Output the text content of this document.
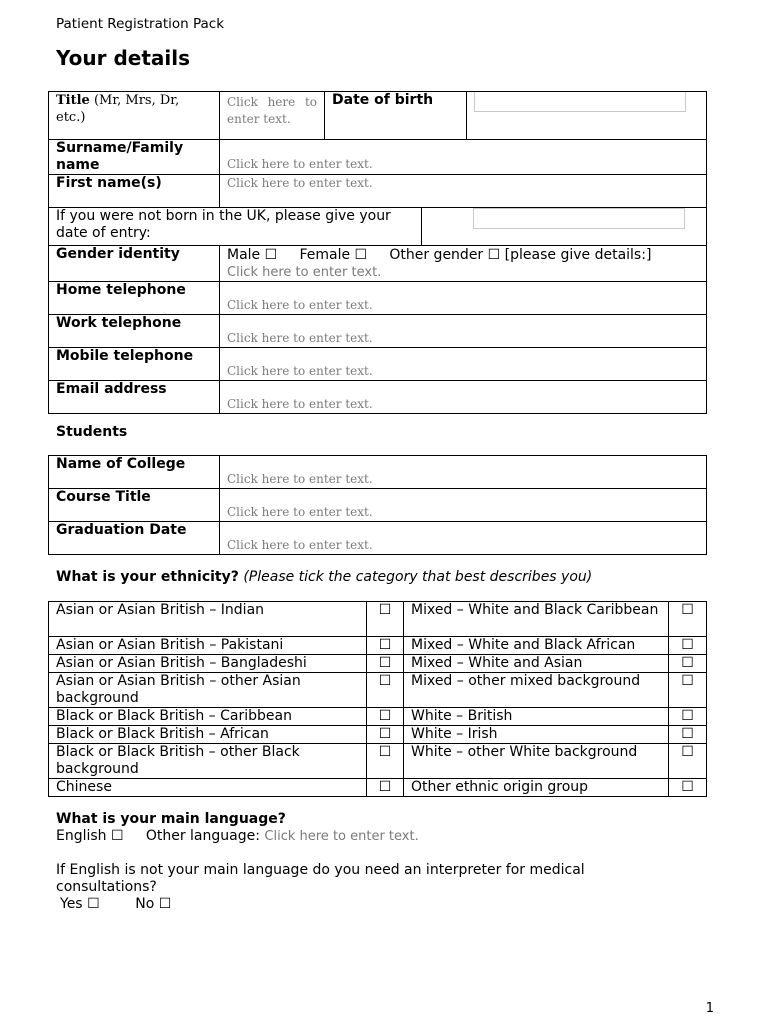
Patient Registration Pack
Your details
Title (Mr, Mrs, Dr, etc.)	Click here to enter text.	Date of birth		

Surname/Family name	Click here to enter text.			
First name(s)	Click here to enter text.			
If you were not born in the UK, please give your date of entry:				

Gender identity	Male ☐ Female ☐ Other gender ☐ [please give details:]
Click here to enter text.			
Home telephone	Click here to enter text.			
Work telephone	Click here to enter text.			
Mobile telephone	Click here to enter text.			
Email address	Click here to enter text.			
Students
Name of College	Click here to enter text.
Course Title	Click here to enter text.
Graduation Date	Click here to enter text.
What is your ethnicity? (Please tick the category that best describes you)
Asian or Asian British – Indian	☐	Mixed – White and Black Caribbean	☐
Asian or Asian British – Pakistani	☐	Mixed – White and Black African	☐
Asian or Asian British – Bangladeshi	☐	Mixed – White and Asian	☐
Asian or Asian British – other Asian background	☐	Mixed – other mixed background	☐
Black or Black British – Caribbean	☐	White – British	☐
Black or Black British – African	☐	White – Irish	☐
Black or Black British – other Black background	☐	White – other White background	☐
Chinese	☐	Other ethnic origin group	☐
What is your main language?
English ☐ Other language: Click here to enter text.
If English is not your main language do you need an interpreter for medical consultations?
Yes ☐	No ☐
1
